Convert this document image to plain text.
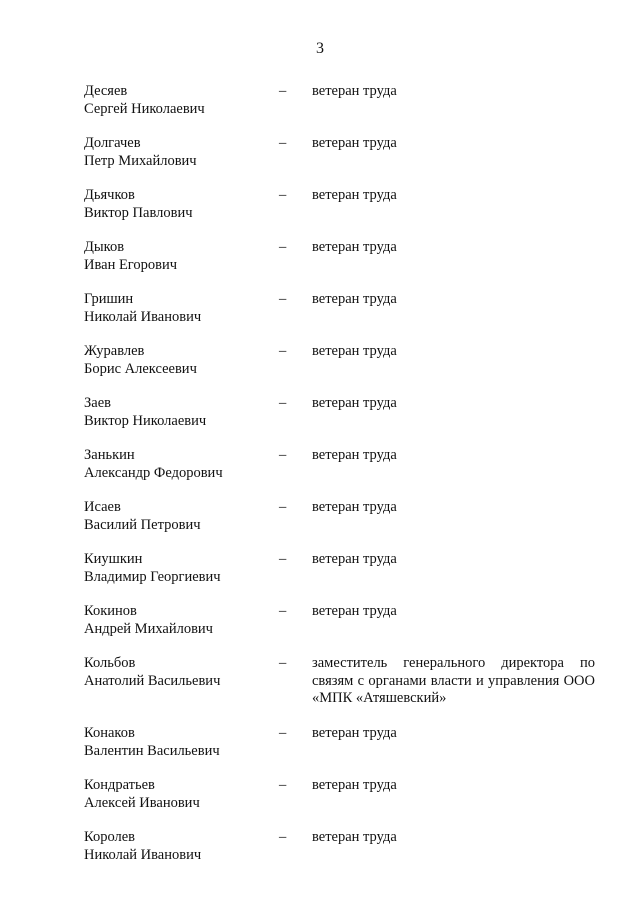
3
Десяев
Сергей Николаевич
– ветеран труда
Долгачев
Петр Михайлович
– ветеран труда
Дьячков
Виктор Павлович
– ветеран труда
Дыков
Иван Егорович
– ветеран труда
Гришин
Николай Иванович
– ветеран труда
Журавлев
Борис Алексеевич
– ветеран труда
Заев
Виктор Николаевич
– ветеран труда
Занькин
Александр Федорович
– ветеран труда
Исаев
Василий Петрович
– ветеран труда
Киушкин
Владимир Георгиевич
– ветеран труда
Кокинов
Андрей Михайлович
– ветеран труда
Кольбов
Анатолий Васильевич
– заместитель генерального директора по связям с органами власти и управления ООО «МПК «Атяшевский»
Конаков
Валентин Васильевич
– ветеран труда
Кондратьев
Алексей Иванович
– ветеран труда
Королев
Николай Иванович
– ветеран труда
